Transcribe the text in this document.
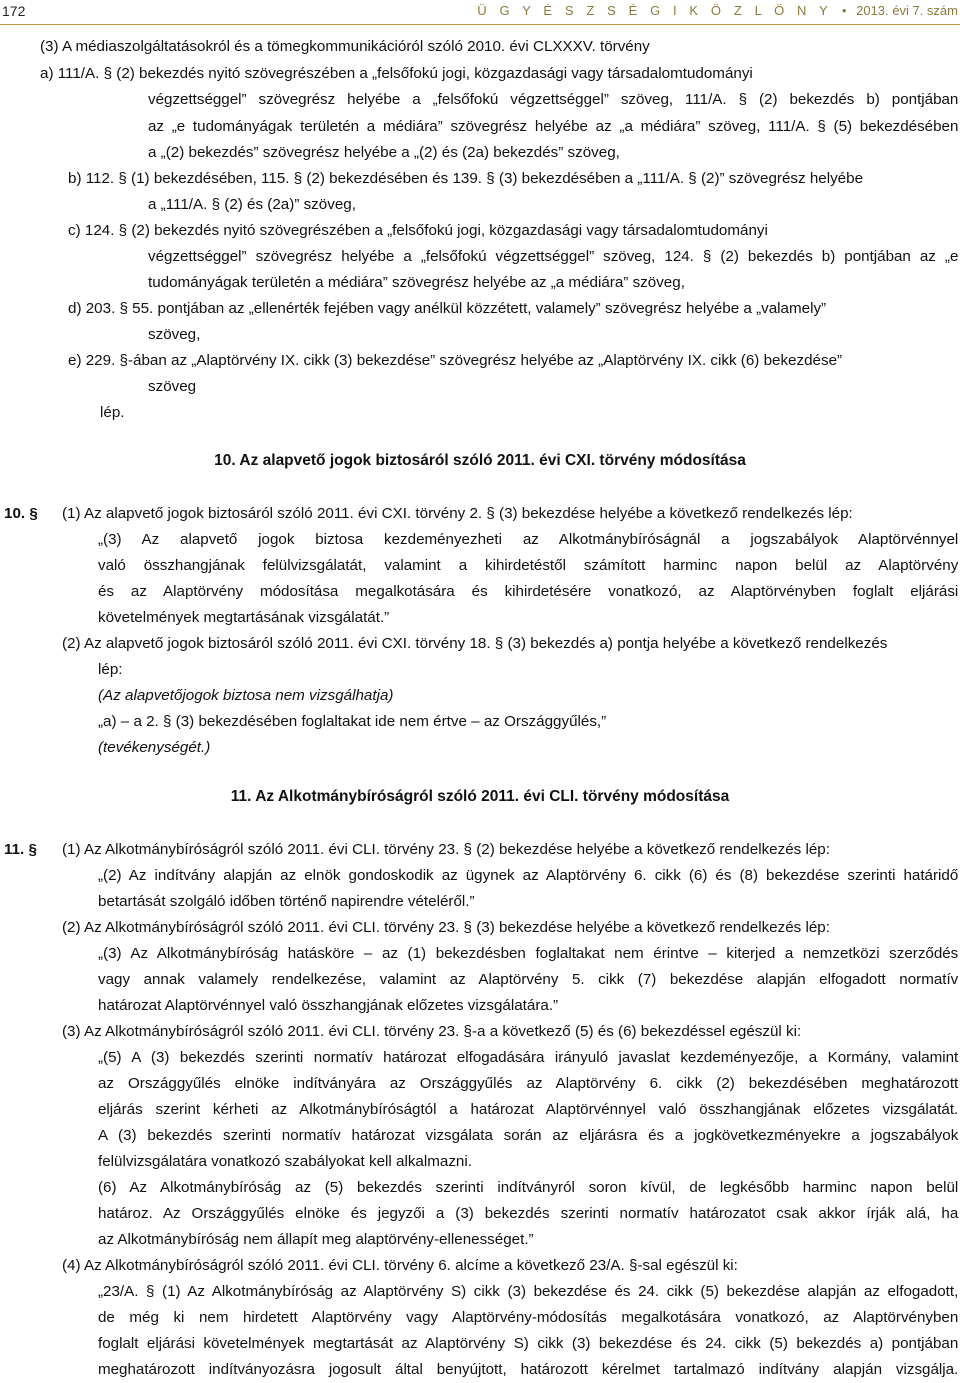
172	Ü G Y É S Z S É G I K Ö Z L Ö N Y • 2013. évi 7. szám
(3) A médiaszolgáltatásokról és a tömegkommunikációról szóló 2010. évi CLXXXV. törvény
a) 111/A. § (2) bekezdés nyitó szövegrészében a „felsőfokú jogi, közgazdasági vagy társadalomtudományi
végzettséggel” szövegrész helyébe a „felsőfokú végzettséggel” szöveg, 111/A. § (2) bekezdés b) pontjában
az „e tudományágak területén a médiára” szövegrész helyébe az „a médiára” szöveg, 111/A. § (5) bekezdésében
a „(2) bekezdés” szövegrész helyébe a „(2) és (2a) bekezdés” szöveg,
b) 112. § (1) bekezdésében, 115. § (2) bekezdésében és 139. § (3) bekezdésében a „111/A. § (2)” szövegrész helyébe
a „111/A. § (2) és (2a)” szöveg,
c) 124. § (2) bekezdés nyitó szövegrészében a „felsőfokú jogi, közgazdasági vagy társadalomtudományi
végzettséggel” szövegrész helyébe a „felsőfokú végzettséggel” szöveg, 124. § (2) bekezdés b) pontjában az „e
tudományágak területén a médiára” szövegrész helyébe az „a médiára” szöveg,
d) 203. § 55. pontjában az „ellenérték fejében vagy anélkül közzétett, valamely” szövegrész helyébe a „valamely”
szöveg,
e) 229. §-ában az „Alaptörvény IX. cikk (3) bekezdése” szövegrész helyébe az „Alaptörvény IX. cikk (6) bekezdése”
szöveg
lép.
10. Az alapvető jogok biztosáról szóló 2011. évi CXI. törvény módosítása
10. § (1) Az alapvető jogok biztosáról szóló 2011. évi CXI. törvény 2. § (3) bekezdése helyébe a következő rendelkezés lép:
„(3) Az alapvető jogok biztosa kezdeményezheti az Alkotmánybíróságnál a jogszabályok Alaptörvénnyel
való összhangjának felülvizsgálatát, valamint a kihirdetéstől számított harminc napon belül az Alaptörvény
és az Alaptörvény módosítása megalkotására és kihirdetésére vonatkozó, az Alaptörvényben foglalt eljárási
követelmények megtartásának vizsgálatát.”
(2) Az alapvető jogok biztosáról szóló 2011. évi CXI. törvény 18. § (3) bekezdés a) pontja helyébe a következő rendelkezés
lép:
(Az alapvetőjogok biztosa nem vizsgálhatja)
„a) – a 2. § (3) bekezdésében foglaltakat ide nem értve – az Országgyűlés,”
(tevékenységét.)
11. Az Alkotmánybíróságról szóló 2011. évi CLI. törvény módosítása
11. § (1) Az Alkotmánybíróságról szóló 2011. évi CLI. törvény 23. § (2) bekezdése helyébe a következő rendelkezés lép:
„(2) Az indítvány alapján az elnök gondoskodik az ügynek az Alaptörvény 6. cikk (6) és (8) bekezdése szerinti határidő
betartását szolgáló időben történő napirendre vételéről.”
(2) Az Alkotmánybíróságról szóló 2011. évi CLI. törvény 23. § (3) bekezdése helyébe a következő rendelkezés lép:
„(3) Az Alkotmánybíróság hatásköre – az (1) bekezdésben foglaltakat nem érintve – kiterjed a nemzetközi szerződés
vagy annak valamely rendelkezése, valamint az Alaptörvény 5. cikk (7) bekezdése alapján elfogadott normatív
határozat Alaptörvénnyel való összhangjának előzetes vizsgálatára.”
(3) Az Alkotmánybíróságról szóló 2011. évi CLI. törvény 23. §-a a következő (5) és (6) bekezdéssel egészül ki:
„(5) A (3) bekezdés szerinti normatív határozat elfogadására irányuló javaslat kezdeményezője, a Kormány, valamint
az Országgyűlés elnöke indítványára az Országgyűlés az Alaptörvény 6. cikk (2) bekezdésében meghatározott
eljárás szerint kérheti az Alkotmánybíróságtól a határozat Alaptörvénnyel való összhangjának előzetes vizsgálatát.
A (3) bekezdés szerinti normatív határozat vizsgálata során az eljárásra és a jogkövetkezményekre a jogszabályok
felülvizsgálatára vonatkozó szabályokat kell alkalmazni.
(6) Az Alkotmánybíróság az (5) bekezdés szerinti indítványról soron kívül, de legkésőbb harminc napon belül
határoz. Az Országgyűlés elnöke és jegyzői a (3) bekezdés szerinti normatív határozatot csak akkor írják alá, ha
az Alkotmánybíróság nem állapít meg alaptörvény-ellenességet.”
(4) Az Alkotmánybíróságról szóló 2011. évi CLI. törvény 6. alcíme a következő 23/A. §-sal egészül ki:
„23/A. § (1) Az Alkotmánybíróság az Alaptörvény S) cikk (3) bekezdése és 24. cikk (5) bekezdése alapján az elfogadott,
de még ki nem hirdetett Alaptörvény vagy Alaptörvény-módosítás megalkotására vonatkozó, az Alaptörvényben
foglalt eljárási követelmények megtartását az Alaptörvény S) cikk (3) bekezdése és 24. cikk (5) bekezdés a) pontjában
meghatározott indítványozásra jogosult által benyújtott, határozott kérelmet tartalmazó indítvány alapján vizsgálja.
